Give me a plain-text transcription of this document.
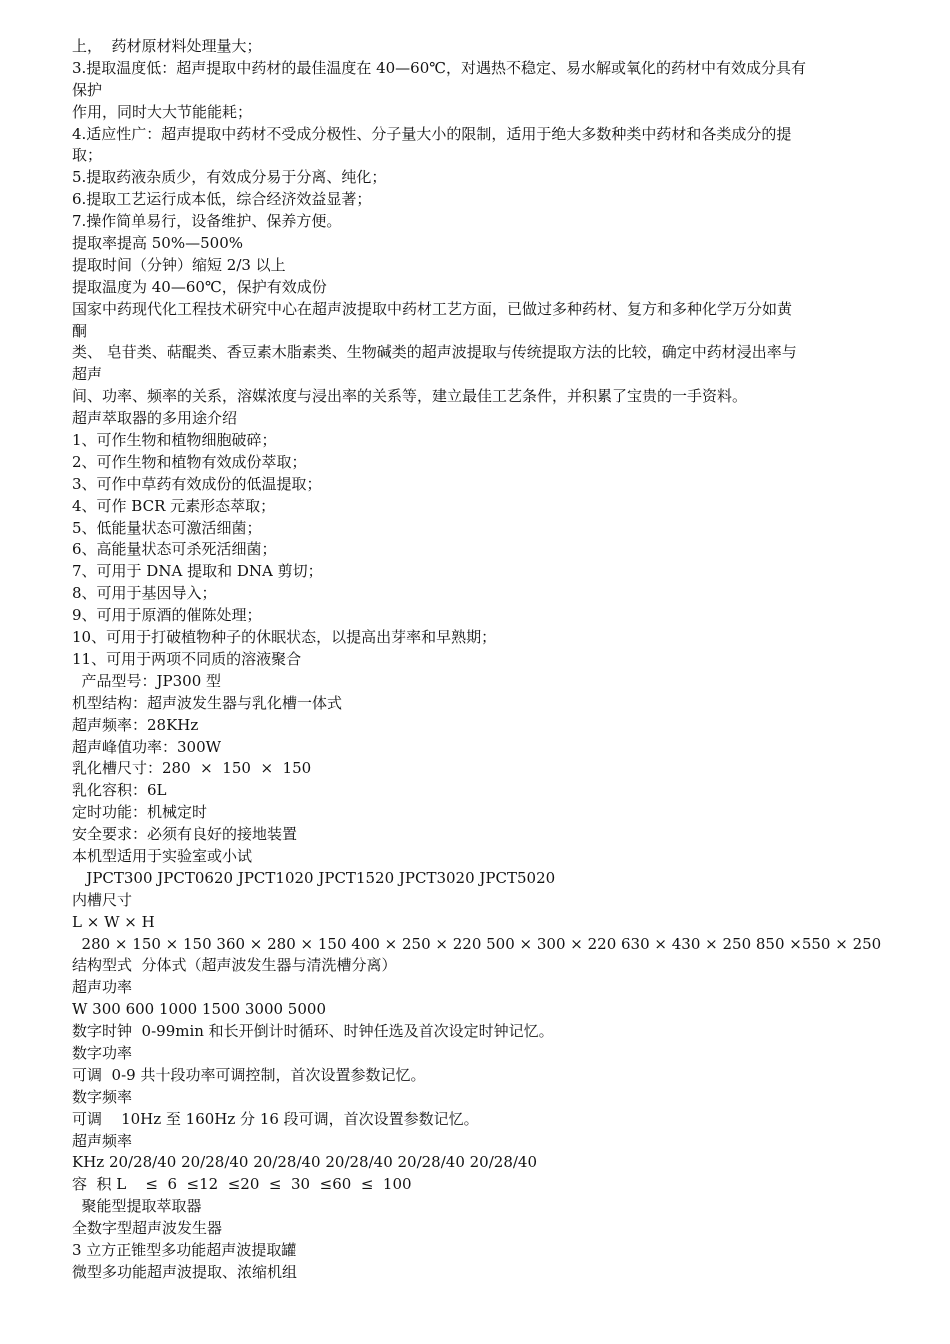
上，  药材原材料处理量大；
3.提取温度低：超声提取中药材的最佳温度在 40—60℃，对遇热不稳定、易水解或氧化的药材中有效成分具有
保护
作用，同时大大节能能耗；
4.适应性广：超声提取中药材不受成分极性、分子量大小的限制，适用于绝大多数种类中药材和各类成分的提
取；
5.提取药液杂质少，有效成分易于分离、纯化；
6.提取工艺运行成本低，综合经济效益显著；
7.操作简单易行，设备维护、保养方便。
提取率提高 50%—500%
提取时间（分钟）缩短 2/3 以上
提取温度为 40—60℃，保护有效成份
国家中药现代化工程技术研究中心在超声波提取中药材工艺方面，已做过多种药材、复方和多种化学万分如黄
酮
类、 皂苷类、萜醌类、香豆素木脂素类、生物碱类的超声波提取与传统提取方法的比较，确定中药材浸出率与
超声
间、功率、频率的关系，溶媒浓度与浸出率的关系等，建立最佳工艺条件，并积累了宝贵的一手资料。
超声萃取器的多用途介绍
1、可作生物和植物细胞破碎；
2、可作生物和植物有效成份萃取；
3、可作中草药有效成份的低温提取；
4、可作 BCR 元素形态萃取；
5、低能量状态可激活细菌；
6、高能量状态可杀死活细菌；
7、可用于 DNA 提取和 DNA 剪切；
8、可用于基因导入；
9、可用于原酒的催陈处理；
10、可用于打破植物种子的休眠状态，以提高出芽率和早熟期；
11、可用于两项不同质的溶液聚合
产品型号：JP300 型
机型结构：超声波发生器与乳化槽一体式
超声频率：28KHz
超声峰值功率：300W
乳化槽尺寸：280  ×  150  ×  150
乳化容积：6L
定时功能：机械定时
安全要求：必须有良好的接地装置
本机型适用于实验室或小试
JPCT300 JPCT0620 JPCT1020 JPCT1520 JPCT3020 JPCT5020
内槽尺寸
L × W × H
280 × 150 × 150 360 × 280 × 150 400 × 250 × 220 500 × 300 × 220 630 × 430 × 250 850 ×550 × 250
结构型式  分体式（超声波发生器与清洗槽分离）
超声功率
W 300 600 1000 1500 3000 5000
数字时钟  0-99min 和长开倒计时循环、时钟任选及首次设定时钟记忆。
数字功率
可调  0-9 共十段功率可调控制，首次设置参数记忆。
数字频率
可调    10Hz 至 160Hz 分 16 段可调，首次设置参数记忆。
超声频率
KHz 20/28/40 20/28/40 20/28/40 20/28/40 20/28/40 20/28/40
容  积 L    ≤  6  ≤12  ≤20  ≤  30  ≤60  ≤  100
聚能型提取萃取器
全数字型超声波发生器
3 立方正锥型多功能超声波提取罐
微型多功能超声波提取、浓缩机组
